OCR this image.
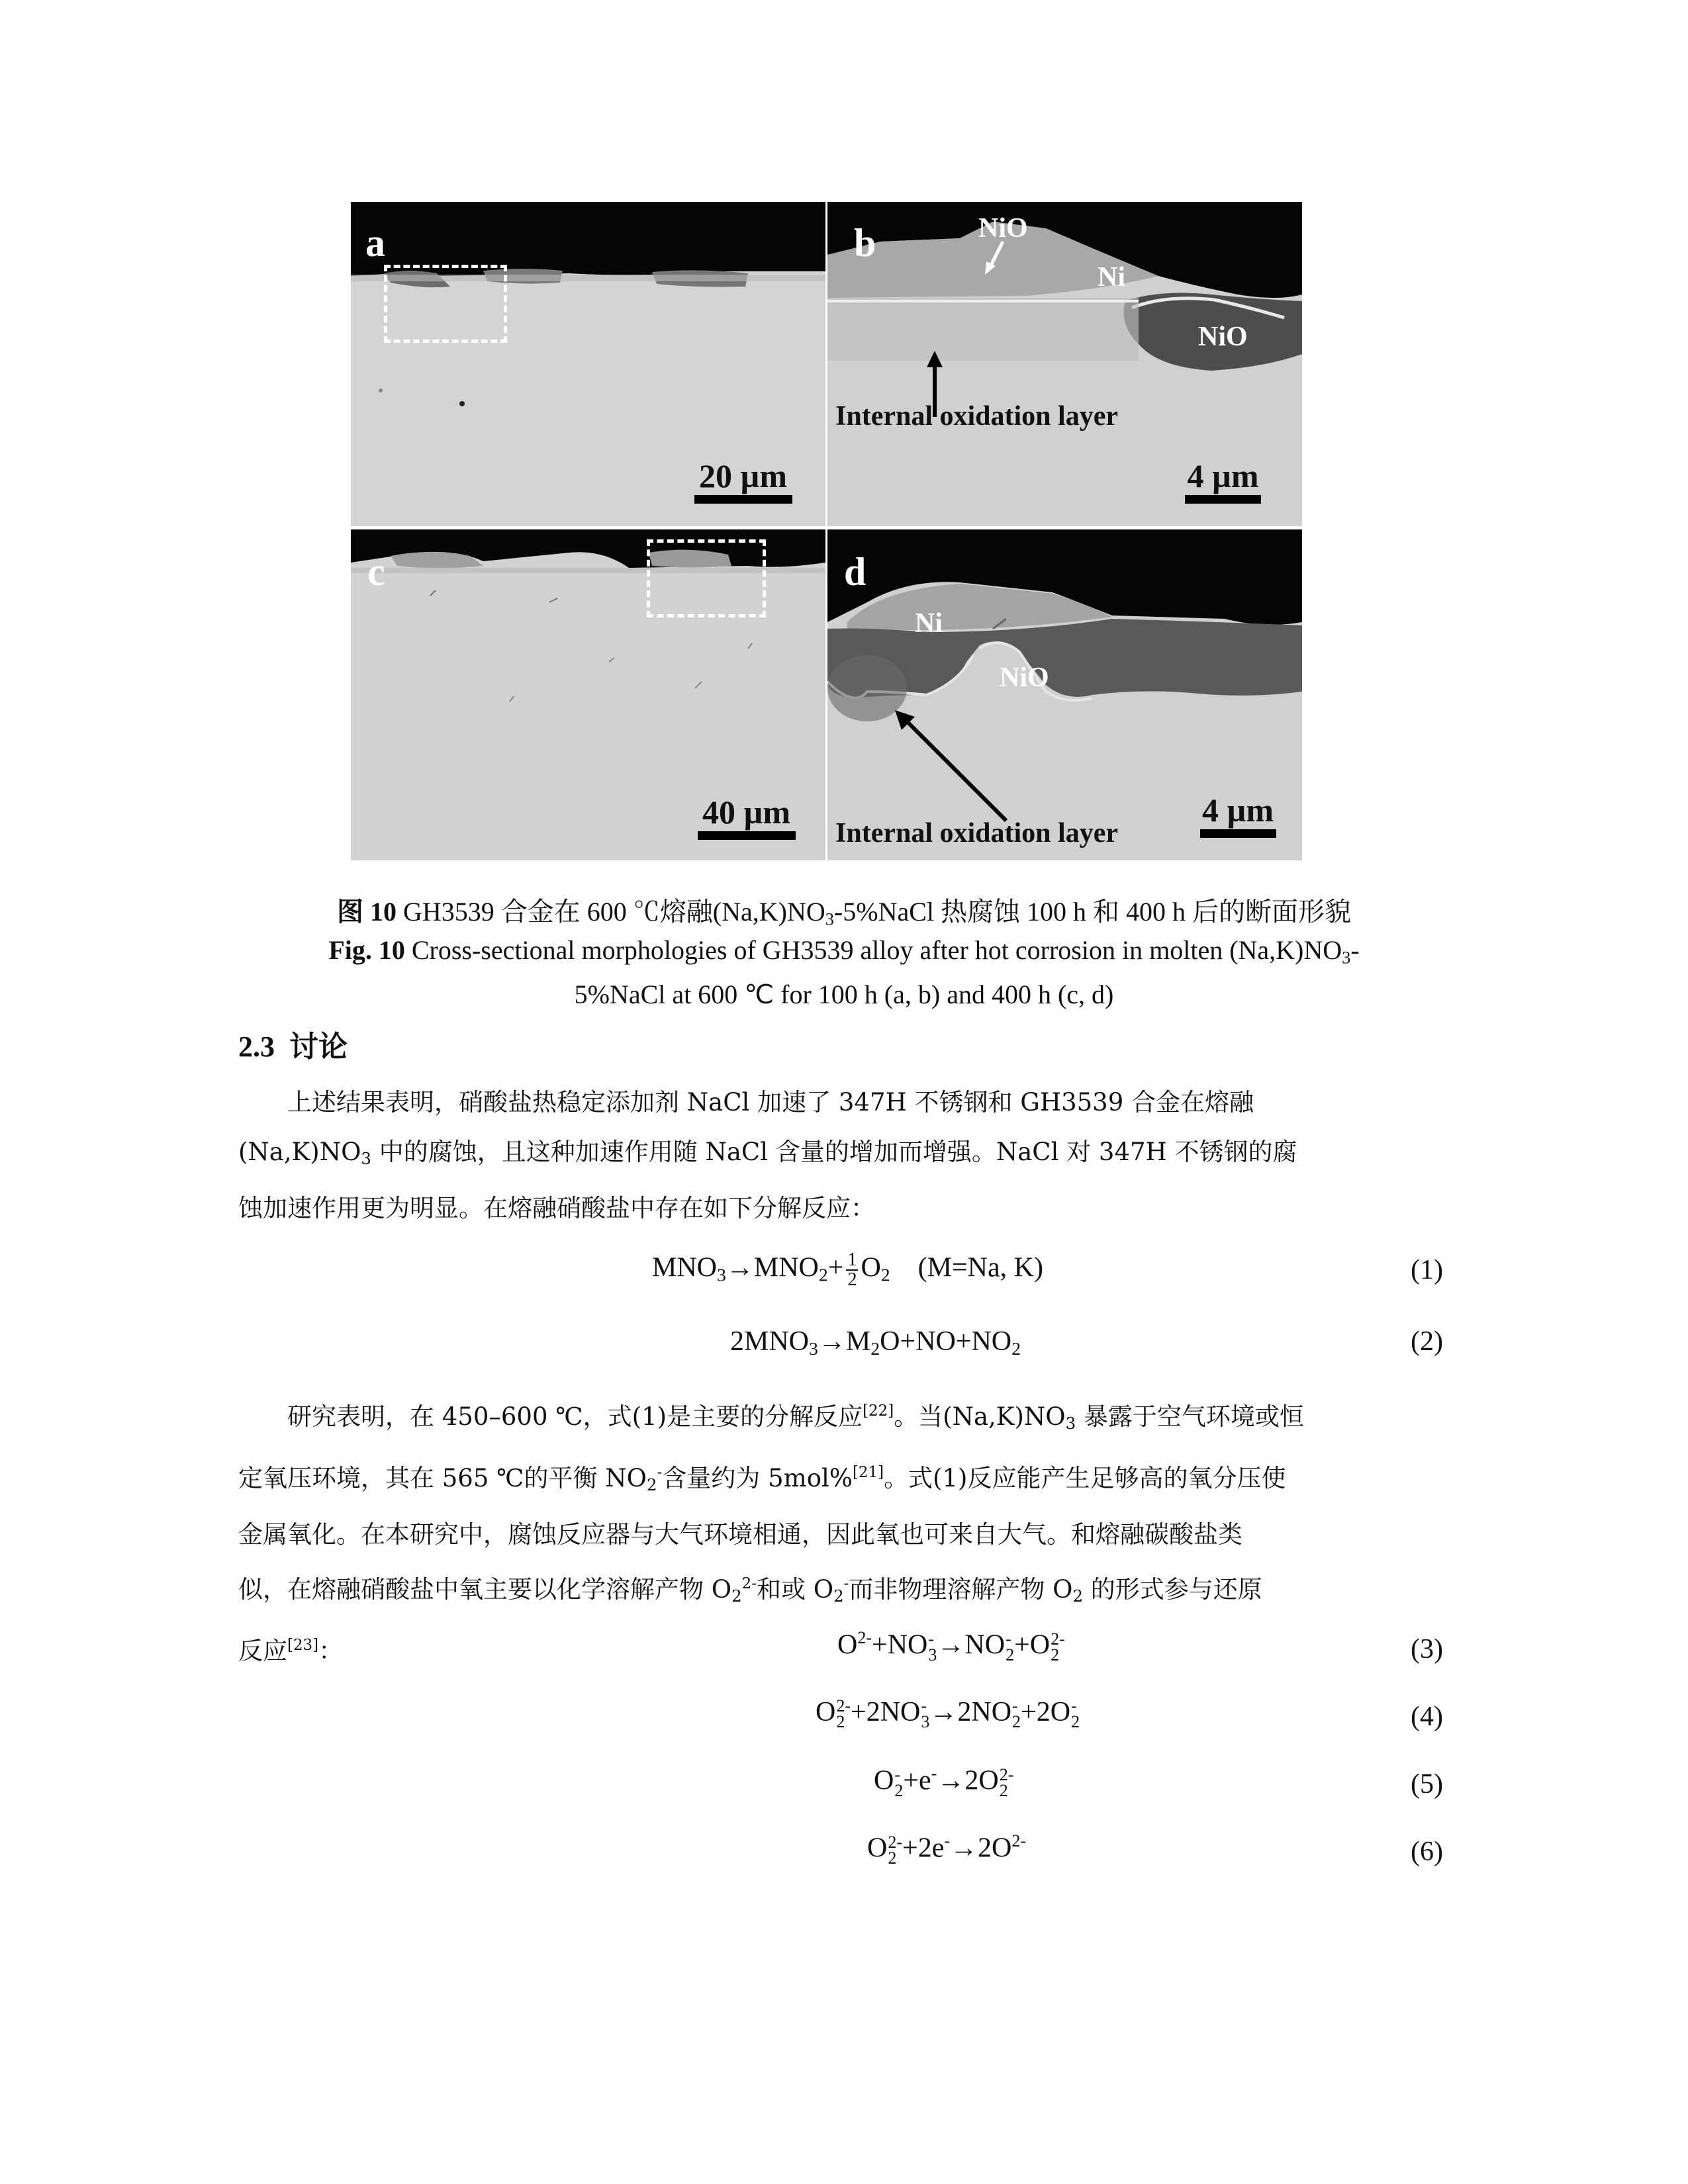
a
20 µm
b	NiO
Ni
NiO
Internal oxidation layer
4 µm
c
40 µm
d
Ni
NiO
Internal oxidation layer
4 µm
图 10 GH3539 合金在 600 ℃熔融$(Na,K)NO_3-5\%NaCl$ 热腐蚀 100 h 和 400 h 后的断面形貌
Fig. 10 Cross-sectional morphologies of GH3539 alloy after hot corrosion in molten $(Na,K)NO_3-$
5%NaCl at 600 ℃ for 100 h (a, b) and 400 h (c, d)
2.3 讨论
上述结果表明，硝酸盐热稳定添加剂 NaCl 加速了 347H 不锈钢和 GH3539 合金在熔融
$(Na,K)NO_3$ 中的腐蚀，且这种加速作用随 NaCl 含量的增加而增强。NaCl 对 347H 不锈钢的腐
蚀加速作用更为明显。在熔融硝酸盐中存在如下分解反应：
$MNO_3\to MNO_2+ \frac{1}{2} O_2$ (M=Na, K)	(1)
$2MNO_3\to M_2O+NO+NO_2$	(2)
研究表明，在 450–600 ℃，式(1)是主要的分解反应[22]。当$(Na,K)NO_3$ 暴露于空气环境或恒
定氧压环境，其在 565 ℃的平衡 $NO_2^-$含量约为 5mol%[21]。式(1)反应能产生足够高的氧分压使
金属氧化。在本研究中，腐蚀反应器与大气环境相通，因此氧也可来自大气。和熔融碳酸盐类
似，在熔融硝酸盐中氧主要以化学溶解产物 $O_2^{2-}$和或 $O_2^-$而非物理溶解产物 $O_2$ 的形式参与还原
反应[23]：	$O^{2-}+NO$ -
3 →NO -
2 +O 2-
2	(3)
O 2-
2 +2NO -
3 →2NO -
2 +2O -
2	(4)
O -
2 +e-→2O 2-
2	(5)
O 2-
$2 +2e^-\to 2O^{2-}$	(6)
